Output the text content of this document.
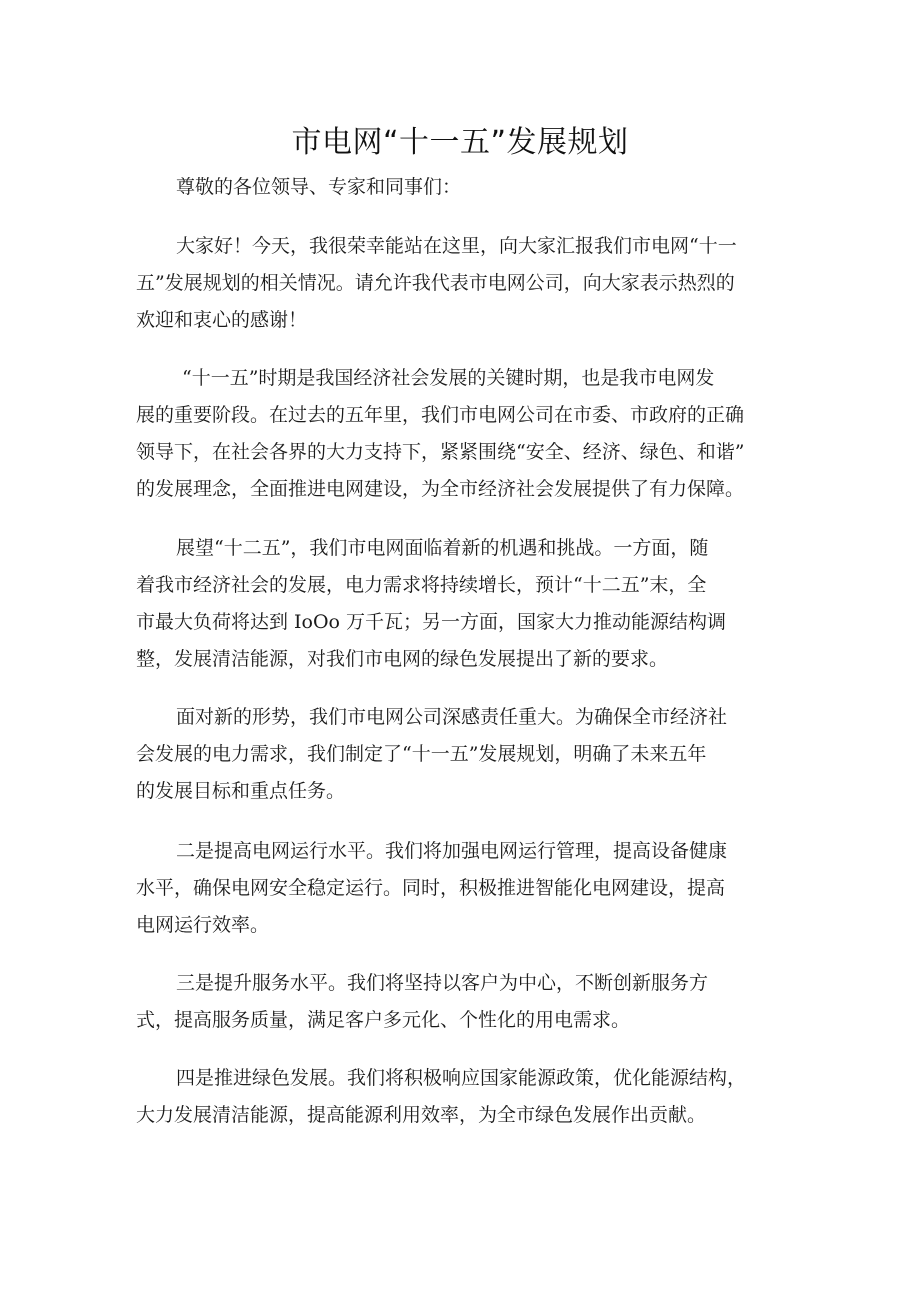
市电网“十一五”发展规划

尊敬的各位领导、专家和同事们：

大家好！今天，我很荣幸能站在这里，向大家汇报我们市电网“十一

五”发展规划的相关情况。请允许我代表市电网公司，向大家表示热烈的

欢迎和衷心的感谢！

“十一五”时期是我国经济社会发展的关键时期，也是我市电网发

展的重要阶段。在过去的五年里，我们市电网公司在市委、市政府的正确

领导下，在社会各界的大力支持下，紧紧围绕“安全、经济、绿色、和谐”

的发展理念，全面推进电网建设，为全市经济社会发展提供了有力保障。

展望“十二五”，我们市电网面临着新的机遇和挑战。一方面，随

着我市经济社会的发展，电力需求将持续增长，预计“十二五”末，全

市最大负荷将达到 IoOo 万千瓦；另一方面，国家大力推动能源结构调

整，发展清洁能源，对我们市电网的绿色发展提出了新的要求。

面对新的形势，我们市电网公司深感责任重大。为确保全市经济社

会发展的电力需求，我们制定了“十一五”发展规划，明确了未来五年

的发展目标和重点任务。

二是提高电网运行水平。我们将加强电网运行管理，提高设备健康

水平，确保电网安全稳定运行。同时，积极推进智能化电网建设，提高

电网运行效率。

三是提升服务水平。我们将坚持以客户为中心，不断创新服务方

式，提高服务质量，满足客户多元化、个性化的用电需求。

四是推进绿色发展。我们将积极响应国家能源政策，优化能源结构，

大力发展清洁能源，提高能源利用效率，为全市绿色发展作出贡献。
